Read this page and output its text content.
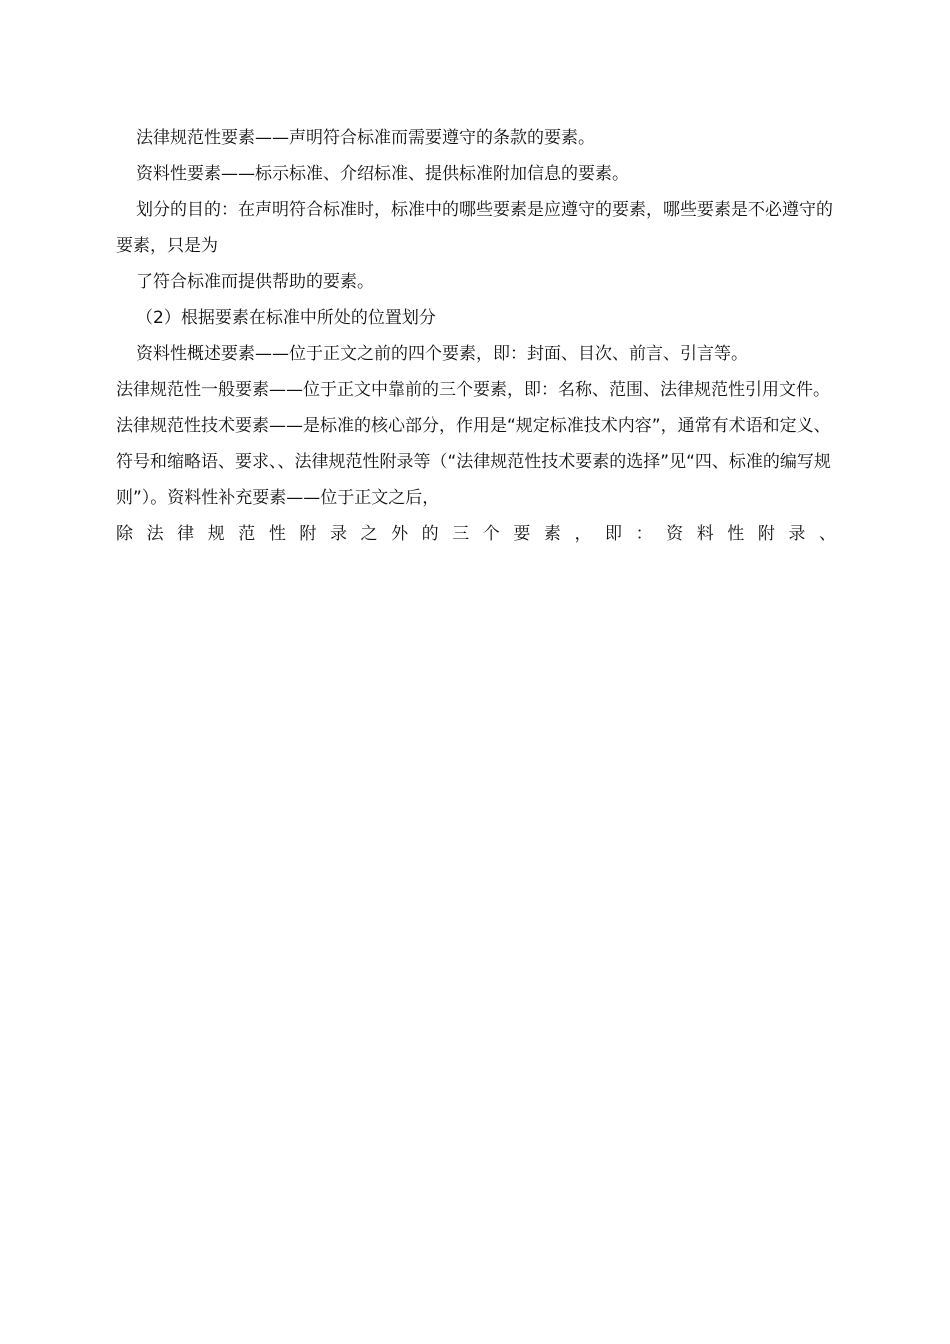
法律规范性要素——声明符合标准而需要遵守的条款的要素。

资料性要素——标示标准、介绍标准、提供标准附加信息的要素。

划分的目的：在声明符合标准时，标准中的哪些要素是应遵守的要素，哪些要素是不必遵守的要素，只是为

了符合标准而提供帮助的要素。

（2）根据要素在标准中所处的位置划分

资料性概述要素——位于正文之前的四个要素，即：封面、目次、前言、引言等。

法律规范性一般要素——位于正文中靠前的三个要素，即：名称、范围、法律规范性引用文件。法律规范性技术要素——是标准的核心部分，作用是“规定标准技术内容”，通常有术语和定义、符号和缩略语、要求、、法律规范性附录等（“法律规范性技术要素的选择”见“四、标准的编写规则”）。资料性补充要素——位于正文之后，

除法律规范性附录之外的三个要素，即：资料性附录、
